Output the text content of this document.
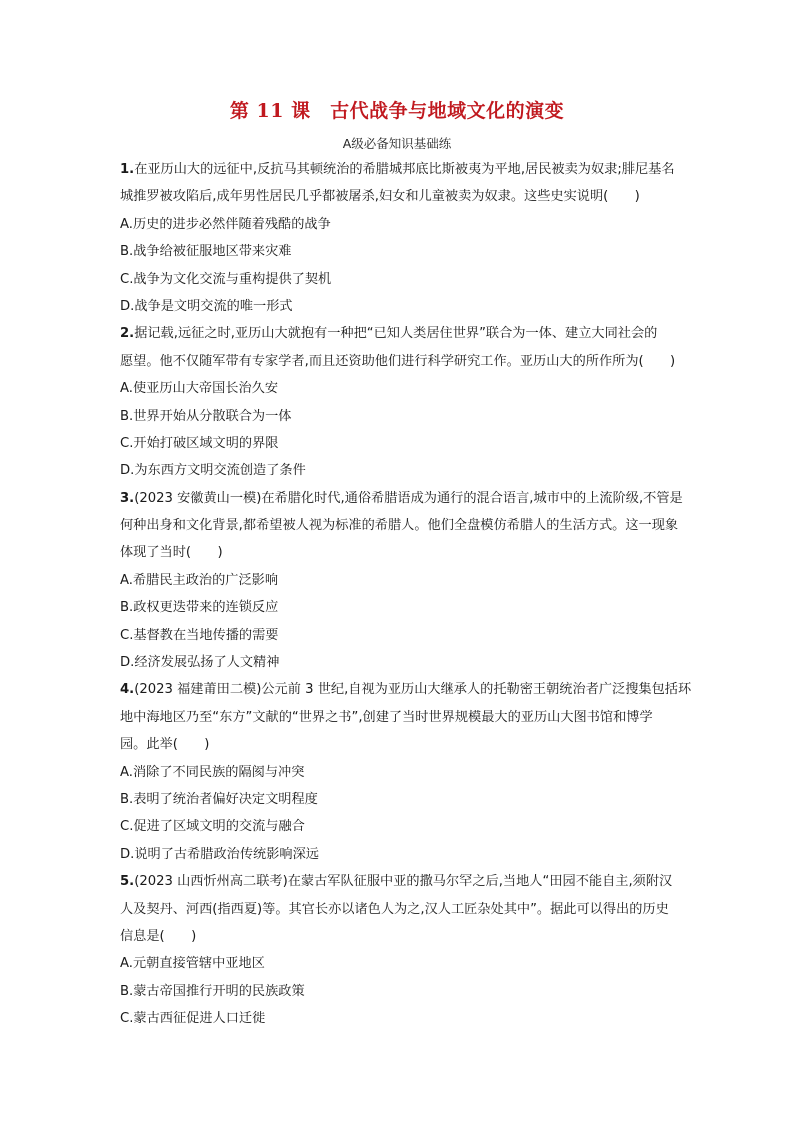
第 11 课　古代战争与地域文化的演变
A级必备知识基础练
1.在亚历山大的远征中,反抗马其顿统治的希腊城邦底比斯被夷为平地,居民被卖为奴隶;腓尼基名
城推罗被攻陷后,成年男性居民几乎都被屠杀,妇女和儿童被卖为奴隶。这些史实说明(　　)
A.历史的进步必然伴随着残酷的战争
B.战争给被征服地区带来灾难
C.战争为文化交流与重构提供了契机
D.战争是文明交流的唯一形式
2.据记载,远征之时,亚历山大就抱有一种把“已知人类居住世界”联合为一体、建立大同社会的
愿望。他不仅随军带有专家学者,而且还资助他们进行科学研究工作。亚历山大的所作所为(　　)
A.使亚历山大帝国长治久安
B.世界开始从分散联合为一体
C.开始打破区域文明的界限
D.为东西方文明交流创造了条件
3.(2023 安徽黄山一模)在希腊化时代,通俗希腊语成为通行的混合语言,城市中的上流阶级,不管是
何种出身和文化背景,都希望被人视为标准的希腊人。他们全盘模仿希腊人的生活方式。这一现象
体现了当时(　　)
A.希腊民主政治的广泛影响
B.政权更迭带来的连锁反应
C.基督教在当地传播的需要
D.经济发展弘扬了人文精神
4.(2023 福建莆田二模)公元前 3 世纪,自视为亚历山大继承人的托勒密王朝统治者广泛搜集包括环
地中海地区乃至“东方”文献的“世界之书”,创建了当时世界规模最大的亚历山大图书馆和博学
园。此举(　　)
A.消除了不同民族的隔阂与冲突
B.表明了统治者偏好决定文明程度
C.促进了区域文明的交流与融合
D.说明了古希腊政治传统影响深远
5.(2023 山西忻州高二联考)在蒙古军队征服中亚的撒马尔罕之后,当地人“田园不能自主,须附汉
人及契丹、河西(指西夏)等。其官长亦以诸色人为之,汉人工匠杂处其中”。据此可以得出的历史
信息是(　　)
A.元朝直接管辖中亚地区
B.蒙古帝国推行开明的民族政策
C.蒙古西征促进人口迁徙
